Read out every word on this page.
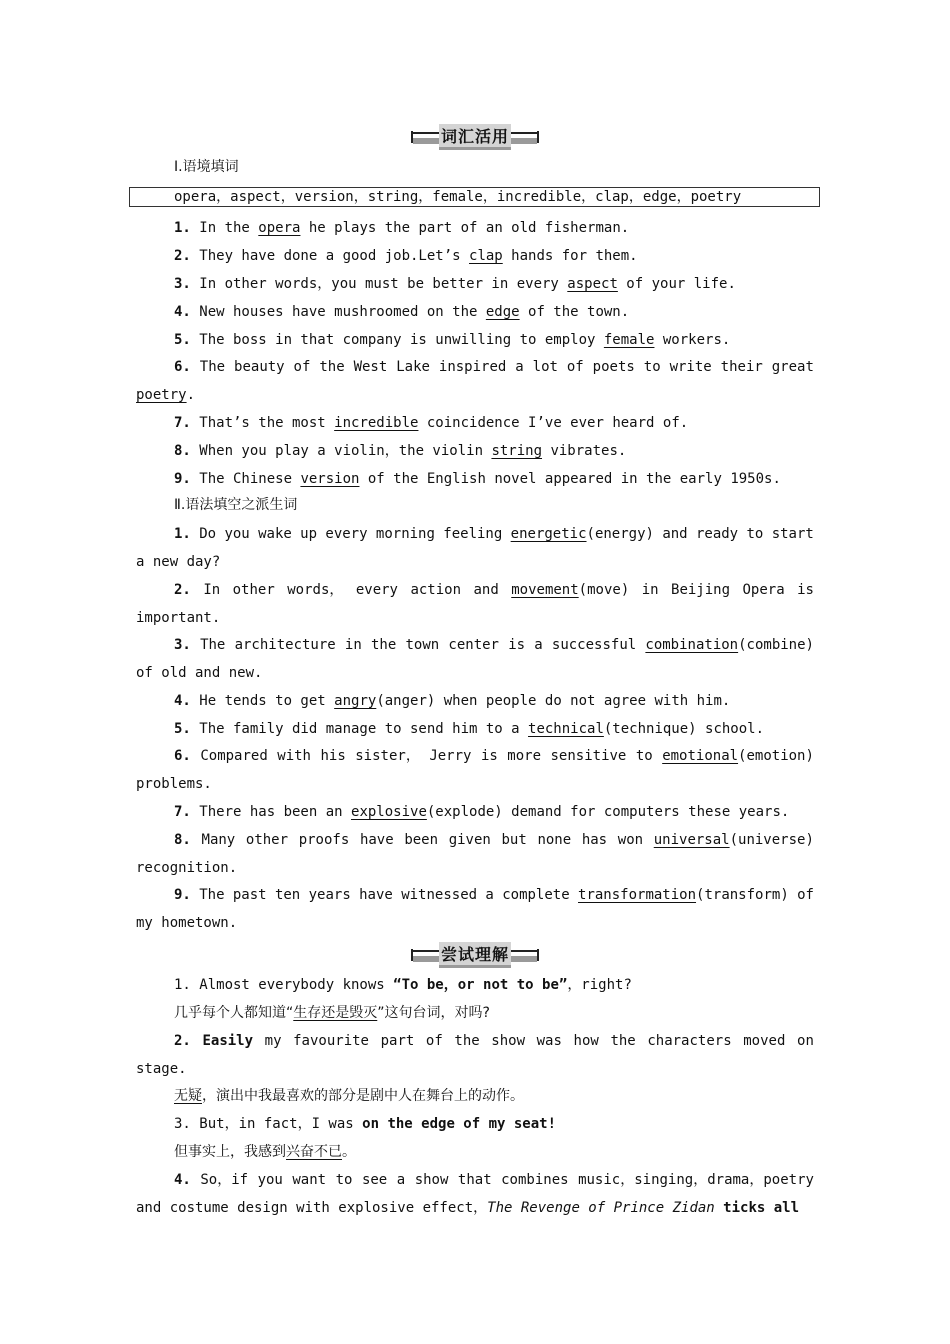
词汇活用
Ⅰ.语境填词
opera，aspect，version，string，female，incredible，clap，edge，poetry
1. In the opera he plays the part of an old fisherman.
2. They have done a good job.Let’s clap hands for them.
3. In other words，you must be better in every aspect of your life.
4. New houses have mushroomed on the edge of the town.
5. The boss in that company is unwilling to employ female workers.
6. The beauty of the West Lake inspired a lot of poets to write their great
poetry.
7. That’s the most incredible coincidence I’ve ever heard of.
8. When you play a violin，the violin string vibrates.
9. The Chinese version of the English novel appeared in the early 1950s.
Ⅱ.语法填空之派生词
1. Do you wake up every morning feeling energetic(energy) and ready to start
a new day?
2. In other words， every action and movement(move) in Beijing Opera is
important.
3. The architecture in the town center is a successful combination(combine)
of old and new.
4. He tends to get angry(anger) when people do not agree with him.
5. The family did manage to send him to a technical(technique) school.
6. Compared with his sister， Jerry is more sensitive to emotional(emotion)
problems.
7. There has been an explosive(explode) demand for computers these years.
8. Many other proofs have been given but none has won universal(universe)
recognition.
9. The past ten years have witnessed a complete transformation(transform) of
my hometown.
尝试理解
1. Almost everybody knows “To be，or not to be”，right?
几乎每个人都知道“生存还是毁灭”这句台词，对吗?
2. Easily my favourite part of the show was how the characters moved on
stage.
无疑，演出中我最喜欢的部分是剧中人在舞台上的动作。
3. But，in fact，I was on the edge of my seat!
但事实上，我感到兴奋不已。
4. So，if you want to see a show that combines music，singing，drama，poetry
and costume design with explosive effect，The Revenge of Prince Zidan ticks all
